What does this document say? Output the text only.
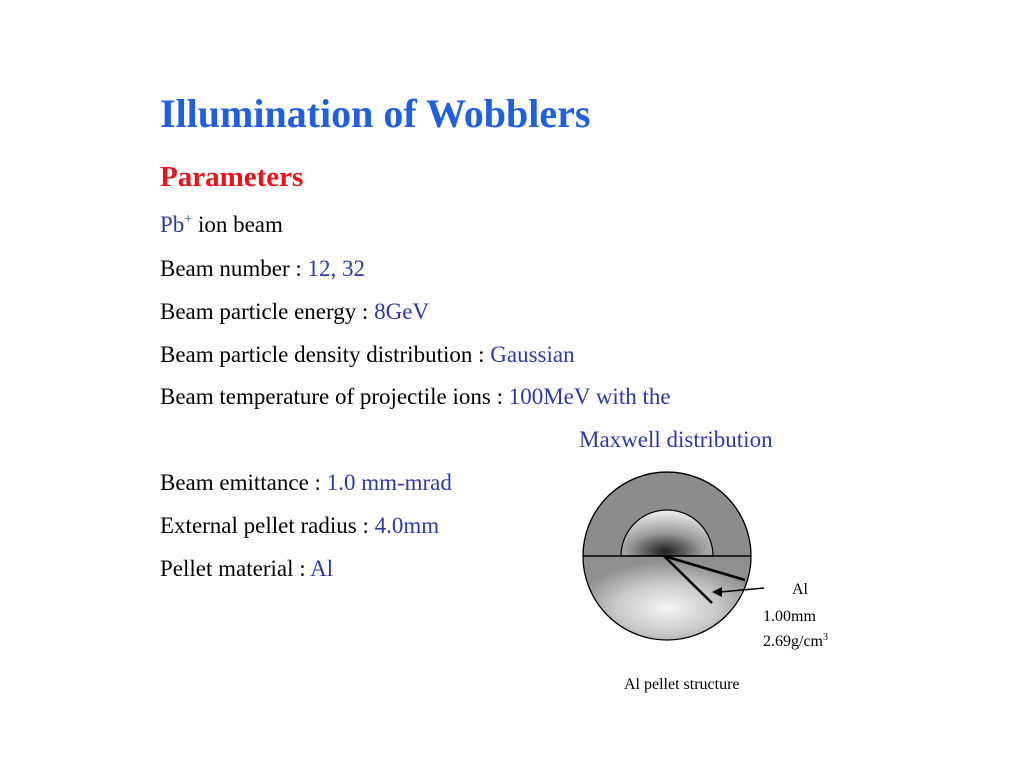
Illumination of Wobblers
Parameters
Pb+ ion beam
Beam number : 12, 32
Beam particle energy : 8GeV
Beam particle density distribution : Gaussian
Beam temperature of projectile ions : 100MeV with the
Maxwell distribution
Beam emittance : 1.0 mm-mrad
External pellet radius : 4.0mm
Pellet material : Al
Al
1.00mm
$2.69g/cm^3$
Al pellet structure
